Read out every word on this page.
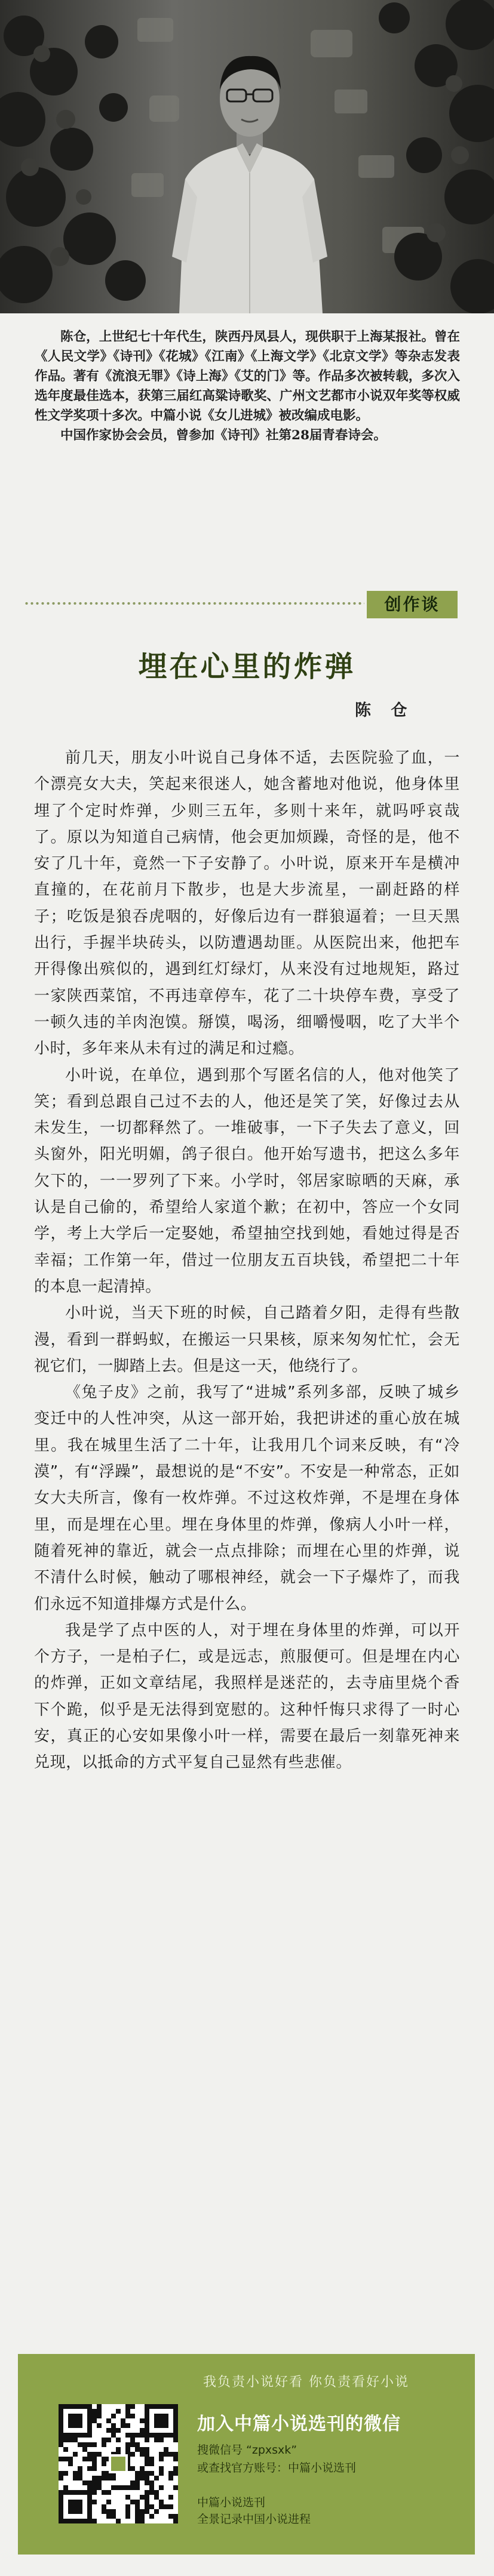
陈仓，上世纪七十年代生，陕西丹凤县人，现供职于上海某报社。曾在《人民文学》《诗刊》《花城》《江南》《上海文学》《北京文学》等杂志发表作品。著有《流浪无罪》《诗上海》《艾的门》等。作品多次被转载，多次入选年度最佳选本，获第三届红高粱诗歌奖、广州文艺都市小说双年奖等权威性文学奖项十多次。中篇小说《女儿进城》被改编成电影。

中国作家协会会员，曾参加《诗刊》社第28届青春诗会。

创作谈
埋在心里的炸弹
陈 仓

前几天，朋友小叶说自己身体不适，去医院验了血，一个漂亮女大夫，笑起来很迷人，她含蓄地对他说，他身体里埋了个定时炸弹，少则三五年，多则十来年，就吗呼哀哉了。原以为知道自己病情，他会更加烦躁，奇怪的是，他不安了几十年，竟然一下子安静了。小叶说，原来开车是横冲直撞的，在花前月下散步，也是大步流星，一副赶路的样子；吃饭是狼吞虎咽的，好像后边有一群狼逼着；一旦天黑出行，手握半块砖头，以防遭遇劫匪。从医院出来，他把车开得像出殡似的，遇到红灯绿灯，从来没有过地规矩，路过一家陕西菜馆，不再违章停车，花了二十块停车费，享受了一顿久违的羊肉泡馍。掰馍，喝汤，细嚼慢咽，吃了大半个小时，多年来从未有过的满足和过瘾。

小叶说，在单位，遇到那个写匿名信的人，他对他笑了笑；看到总跟自己过不去的人，他还是笑了笑，好像过去从未发生，一切都释然了。一堆破事，一下子失去了意义，回头窗外，阳光明媚，鸽子很白。他开始写遗书，把这么多年欠下的，一一罗列了下来。小学时，邻居家晾晒的天麻，承认是自己偷的，希望给人家道个歉；在初中，答应一个女同学，考上大学后一定娶她，希望抽空找到她，看她过得是否幸福；工作第一年，借过一位朋友五百块钱，希望把二十年的本息一起清掉。

小叶说，当天下班的时候，自己踏着夕阳，走得有些散漫，看到一群蚂蚁，在搬运一只果核，原来匆匆忙忙，会无视它们，一脚踏上去。但是这一天，他绕行了。

《兔子皮》之前，我写了“进城”系列多部，反映了城乡变迁中的人性冲突，从这一部开始，我把讲述的重心放在城里。我在城里生活了二十年，让我用几个词来反映，有“冷漠”，有“浮躁”，最想说的是“不安”。不安是一种常态，正如女大夫所言，像有一枚炸弹。不过这枚炸弹，不是埋在身体里，而是埋在心里。埋在身体里的炸弹，像病人小叶一样，随着死神的靠近，就会一点点排除；而埋在心里的炸弹，说不清什么时候，触动了哪根神经，就会一下子爆炸了，而我们永远不知道排爆方式是什么。

我是学了点中医的人，对于埋在身体里的炸弹，可以开个方子，一是柏子仁，或是远志，煎服便可。但是埋在内心的炸弹，正如文章结尾，我照样是迷茫的，去寺庙里烧个香下个跪，似乎是无法得到宽慰的。这种忏悔只求得了一时心安，真正的心安如果像小叶一样，需要在最后一刻靠死神来兑现，以抵命的方式平复自己显然有些悲催。

我负责小说好看 你负责看好小说
加入中篇小说选刊的微信
搜微信号 “zpxsxk”
或查找官方账号：中篇小说选刊
中篇小说选刊
全景记录中国小说进程
